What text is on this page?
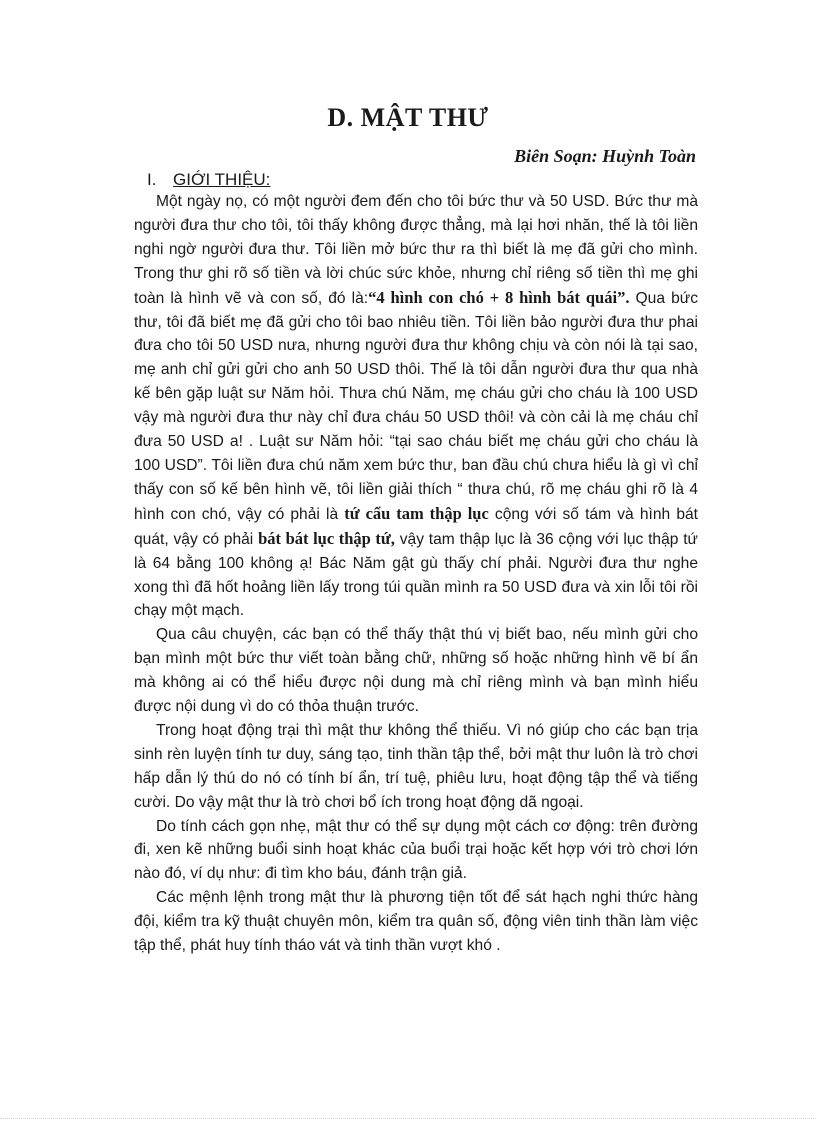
D. MẬT THƯ
Biên Soạn: Huỳnh Toàn
I. GIỚI THIỆU:

Một ngày nọ, có một người đem đến cho tôi bức thư và 50 USD. Bức thư mà người đưa thư cho tôi, tôi thấy không được thẳng, mà lại hơi nhăn, thế là tôi liền nghi ngờ người đưa thư. Tôi liền mở bức thư ra thì biết là mẹ đã gửi cho mình. Trong thư ghi rõ số tiền và lời chúc sức khỏe, nhưng chỉ riêng số tiền thì mẹ ghi toàn là hình vẽ và con số, đó là:“4 hình con chó + 8 hình bát quái”. Qua bức thư, tôi đã biết mẹ đã gửi cho tôi bao nhiêu tiền. Tôi liền bảo người đưa thư phai đưa cho tôi 50 USD nưa, nhưng người đưa thư không chịu và còn nói là tại sao, mẹ anh chỉ gửi gửi cho anh 50 USD thôi. Thế là tôi dẫn người đưa thư qua nhà kế bên gặp luật sư Năm hỏi. Thưa chú Năm, mẹ cháu gửi cho cháu là 100 USD vậy mà người đưa thư này chỉ đưa cháu 50 USD thôi! và còn cải là mẹ cháu chỉ đưa 50 USD a! . Luật sư Năm hỏi: “tại sao cháu biết mẹ cháu gửi cho cháu là 100 USD”. Tôi liền đưa chú năm xem bức thư, ban đầu chú chưa hiểu là gì vì chỉ thấy con số kế bên hình vẽ, tôi liền giải thích “ thưa chú, rõ mẹ cháu ghi rõ là 4 hình con chó, vậy có phải là tứ cẩu tam thập lục cộng với số tám và hình bát quát, vậy có phải bát bát lục thập tứ, vậy tam thập lục là 36 cộng với lục thập tứ là 64 bằng 100 không ạ! Bác Năm gật gù thấy chí phải. Người đưa thư nghe xong thì đã hốt hoảng liền lấy trong túi quần mình ra 50 USD đưa và xin lỗi tôi rồi chạy một mạch.

Qua câu chuyện, các bạn có thể thấy thật thú vị biết bao, nếu mình gửi cho bạn mình một bức thư viết toàn bằng chữ, những số hoặc những hình vẽ bí ẩn mà không ai có thể hiểu được nội dung mà chỉ riêng mình và bạn mình hiểu được nội dung vì do có thỏa thuận trước.

Trong hoạt động trại thì mật thư không thể thiếu. Vì nó giúp cho các bạn trịa sinh rèn luyện tính tư duy, sáng tạo, tinh thần tập thể, bởi mật thư luôn là trò chơi hấp dẫn lý thú do nó có tính bí ẩn, trí tuệ, phiêu lưu, hoạt động tập thể và tiếng cười. Do vậy mật thư là trò chơi bổ ích trong hoạt động dã ngoại.

Do tính cách gọn nhẹ, mật thư có thể sự dụng một cách cơ động: trên đường đi, xen kẽ những buổi sinh hoạt khác của buổi trại hoặc kết hợp với trò chơi lớn nào đó, ví dụ như: đi tìm kho báu, đánh trận giả.

Các mệnh lệnh trong mật thư là phương tiện tốt để sát hạch nghi thức hàng đội, kiểm tra kỹ thuật chuyên môn, kiểm tra quân số, động viên tinh thần làm việc tập thể, phát huy tính tháo vát và tinh thần vượt khó .
